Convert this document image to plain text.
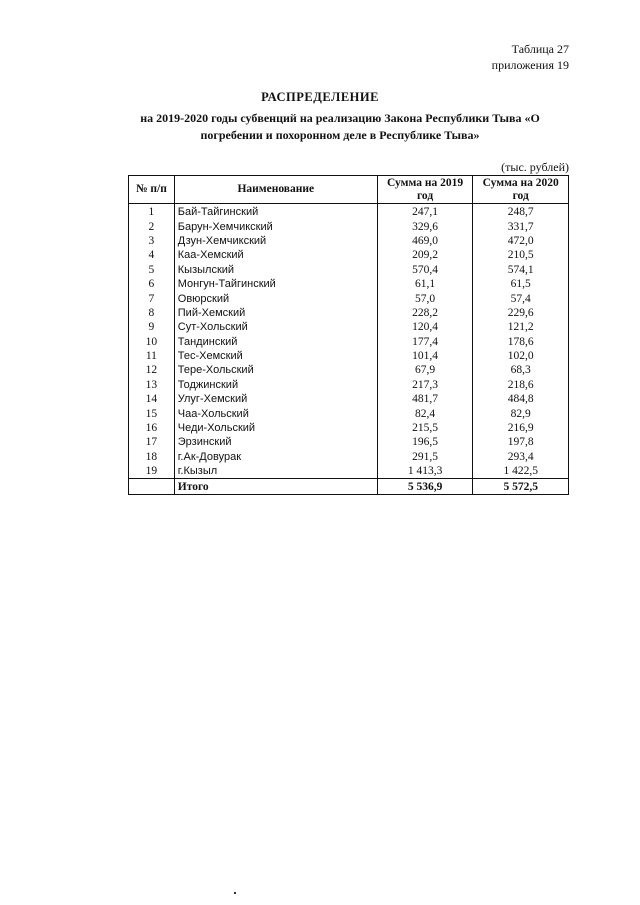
Таблица 27
приложения 19
РАСПРЕДЕЛЕНИЕ
на 2019-2020 годы субвенций на реализацию Закона Республики Тыва «О погребении и похоронном деле в Республике Тыва»
(тыс. рублей)
№ п/п	Наименование	Сумма на 2019 год	Сумма на 2020 год
1	Бай-Тайгинский	247,1	248,7
2	Барун-Хемчикский	329,6	331,7
3	Дзун-Хемчикский	469,0	472,0
4	Каа-Хемский	209,2	210,5
5	Кызылский	570,4	574,1
6	Монгун-Тайгинский	61,1	61,5
7	Овюрский	57,0	57,4
8	Пий-Хемский	228,2	229,6
9	Сут-Хольский	120,4	121,2
10	Тандинский	177,4	178,6
11	Тес-Хемский	101,4	102,0
12	Тере-Хольский	67,9	68,3
13	Тоджинский	217,3	218,6
14	Улуг-Хемский	481,7	484,8
15	Чаа-Хольский	82,4	82,9
16	Чеди-Хольский	215,5	216,9
17	Эрзинский	196,5	197,8
18	г.Ак-Довурак	291,5	293,4
19	г.Кызыл	1 413,3	1 422,5
	Итого	5 536,9	5 572,5
